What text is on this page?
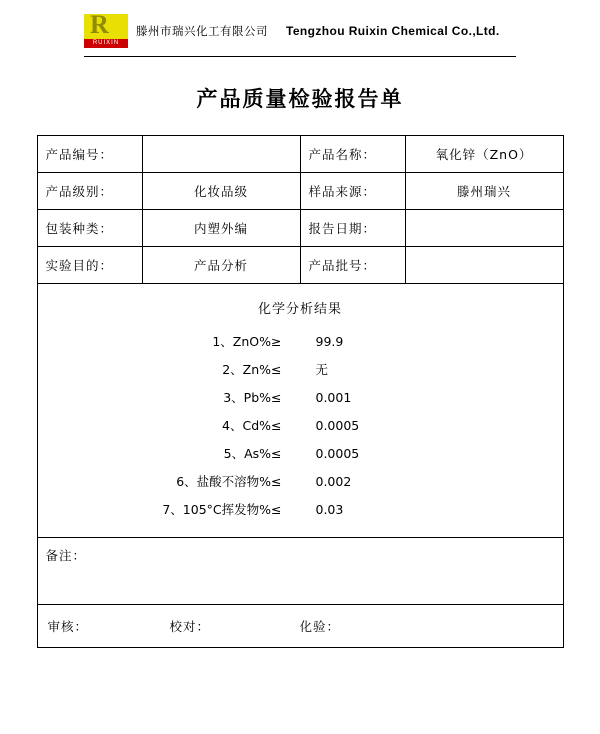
R
RUIXIN
滕州市瑞兴化工有限公司 Tengzhou Ruixin Chemical Co.,Ltd.
产品质量检验报告单
产品编号：		产品名称：	氧化锌（ZnO）
产品级别：	化妆品级	样品来源：	滕州瑞兴
包装种类：	内塑外编	报告日期：	
实验目的：	产品分析	产品批号：	

化学分析结果
1、ZnO%≥	99.9
2、Zn%≤	无
3、Pb%≤	0.001
4、Cd%≤	0.0005
5、As%≤	0.0005
6、盐酸不溶物%≤	0.002
7、105°C挥发物%≤	0.03

备注：			

审核： 校对： 化验：			
